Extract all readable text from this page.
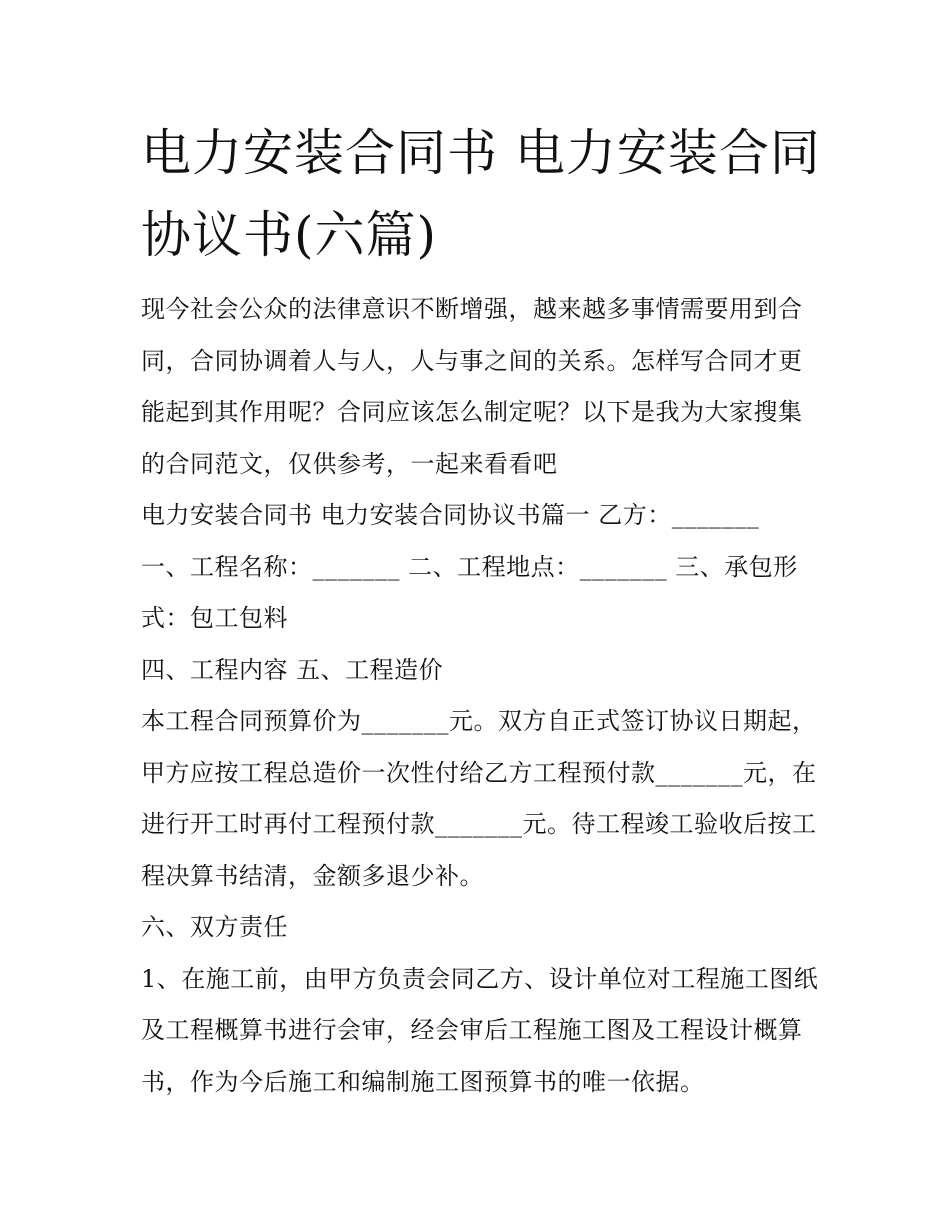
电力安装合同书 电力安装合同协议书(六篇)

现今社会公众的法律意识不断增强，越来越多事情需要用到合同，合同协调着人与人，人与事之间的关系。怎样写合同才更能起到其作用呢？合同应该怎么制定呢？以下是我为大家搜集的合同范文，仅供参考，一起来看看吧

电力安装合同书 电力安装合同协议书篇一 乙方：_______

一、工程名称：_______ 二、工程地点：_______ 三、承包形式：包工包料

四、工程内容 五、工程造价

本工程合同预算价为_______元。双方自正式签订协议日期起，甲方应按工程总造价一次性付给乙方工程预付款_______元，在进行开工时再付工程预付款_______元。待工程竣工验收后按工程决算书结清，金额多退少补。

六、双方责任

1、在施工前，由甲方负责会同乙方、设计单位对工程施工图纸及工程概算书进行会审，经会审后工程施工图及工程设计概算书，作为今后施工和编制施工图预算书的唯一依据。
